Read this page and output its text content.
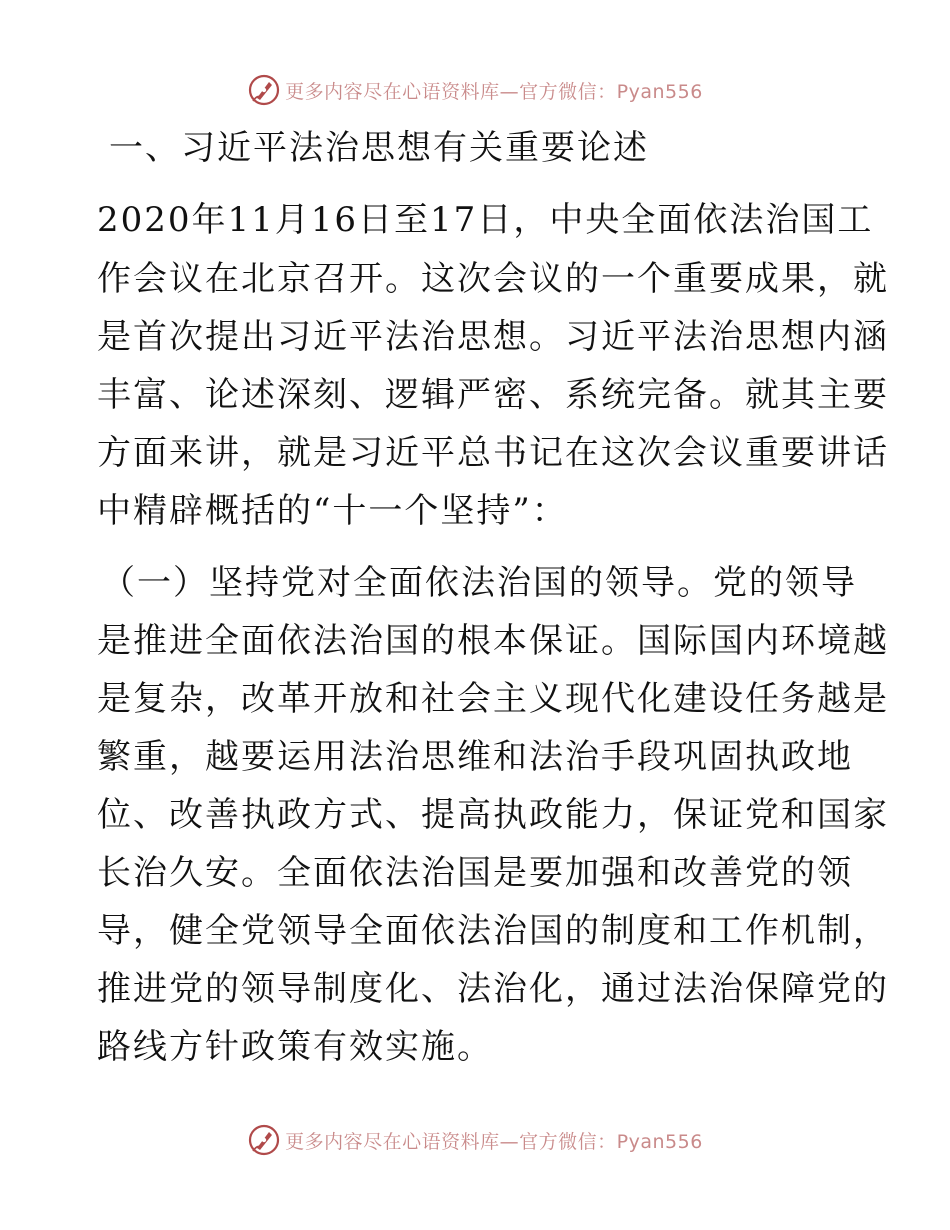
更多内容尽在心语资料库—官方微信：Pyan556
一、习近平法治思想有关重要论述
2020年11月16日至17日，中央全面依法治国工
作会议在北京召开。这次会议的一个重要成果，就
是首次提出习近平法治思想。习近平法治思想内涵
丰富、论述深刻、逻辑严密、系统完备。就其主要
方面来讲，就是习近平总书记在这次会议重要讲话
中精辟概括的“十一个坚持”：
（一）坚持党对全面依法治国的领导。党的领导
是推进全面依法治国的根本保证。国际国内环境越
是复杂，改革开放和社会主义现代化建设任务越是
繁重，越要运用法治思维和法治手段巩固执政地
位、改善执政方式、提高执政能力，保证党和国家
长治久安。全面依法治国是要加强和改善党的领
导，健全党领导全面依法治国的制度和工作机制，
推进党的领导制度化、法治化，通过法治保障党的
路线方针政策有效实施。
更多内容尽在心语资料库—官方微信：Pyan556
